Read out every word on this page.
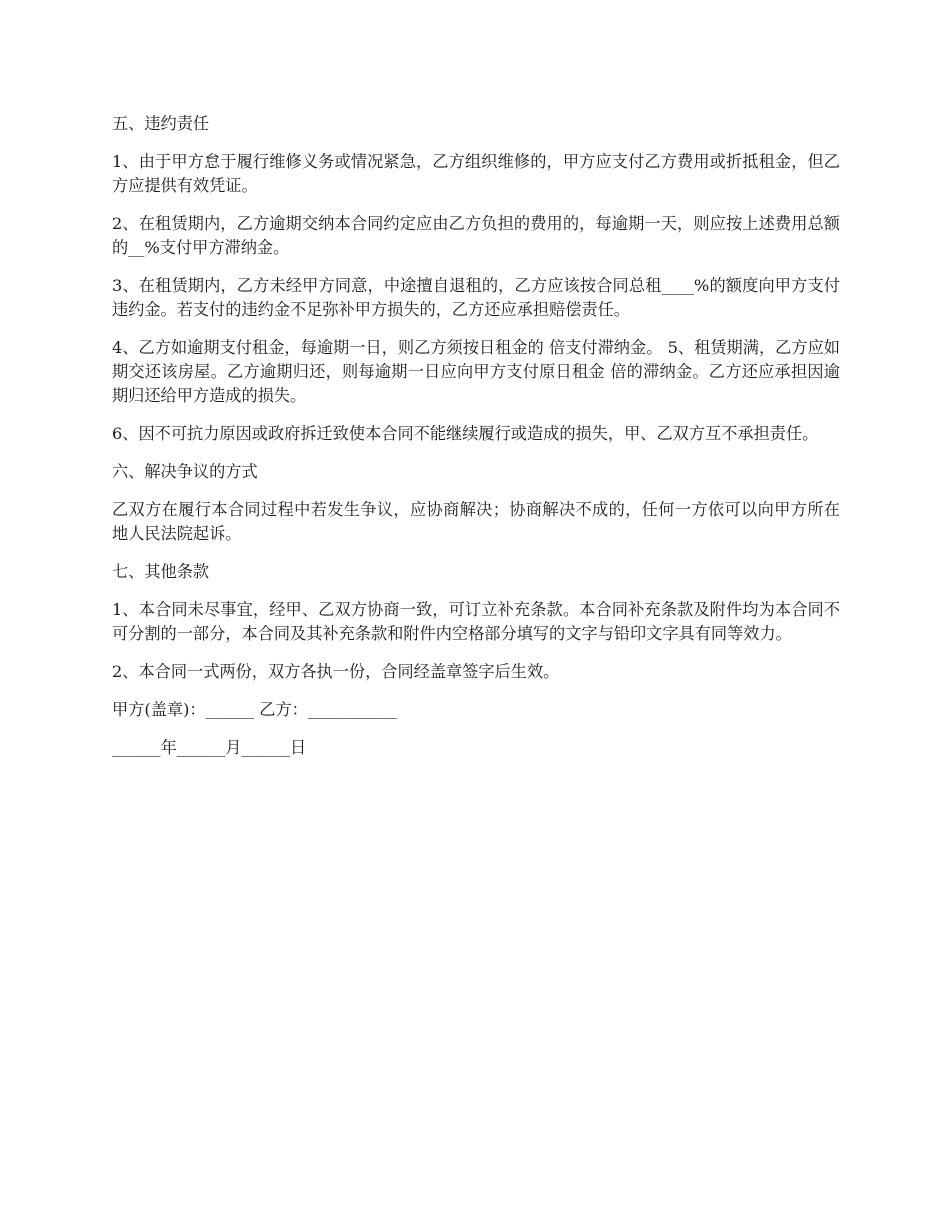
五、违约责任

1、由于甲方怠于履行维修义务或情况紧急，乙方组织维修的，甲方应支付乙方费用或折抵租金，但乙方应提供有效凭证。

2、在租赁期内，乙方逾期交纳本合同约定应由乙方负担的费用的，每逾期一天，则应按上述费用总额的__%支付甲方滞纳金。

3、在租赁期内，乙方未经甲方同意，中途擅自退租的，乙方应该按合同总租____%的额度向甲方支付违约金。若支付的违约金不足弥补甲方损失的，乙方还应承担赔偿责任。

4、乙方如逾期支付租金，每逾期一日，则乙方须按日租金的 倍支付滞纳金。 5、租赁期满，乙方应如期交还该房屋。乙方逾期归还，则每逾期一日应向甲方支付原日租金 倍的滞纳金。乙方还应承担因逾期归还给甲方造成的损失。

6、因不可抗力原因或政府拆迁致使本合同不能继续履行或造成的损失，甲、乙双方互不承担责任。

六、解决争议的方式

乙双方在履行本合同过程中若发生争议，应协商解决；协商解决不成的，任何一方依可以向甲方所在地人民法院起诉。

七、其他条款

1、本合同未尽事宜，经甲、乙双方协商一致，可订立补充条款。本合同补充条款及附件均为本合同不可分割的一部分，本合同及其补充条款和附件内空格部分填写的文字与铅印文字具有同等效力。

2、本合同一式两份，双方各执一份，合同经盖章签字后生效。

甲方(盖章)：______ 乙方：___________

______年______月______日
